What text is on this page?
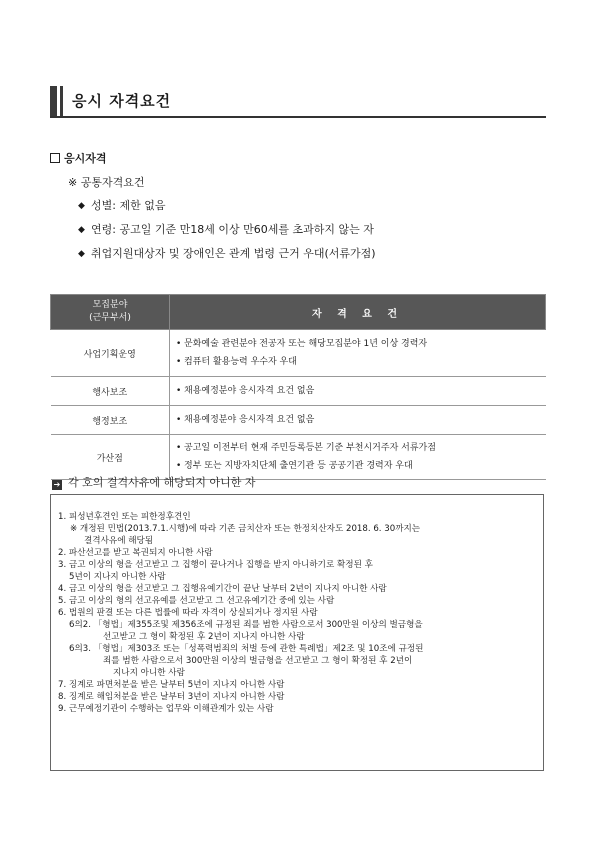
응시 자격요건
응시자격
※ 공통자격요건
◆ 성별: 제한 없음
◆ 연령: 공고일 기준 만18세 이상 만60세를 초과하지 않는 자
◆ 취업지원대상자 및 장애인은 관계 법령 근거 우대(서류가점)
모집분야
(근무부서)	자 격 요 건
사업기획운영	• 문화예술 관련분야 전공자 또는 해당모집분야 1년 이상 경력자
• 컴퓨터 활용능력 우수자 우대

행사보조	• 채용예정분야 응시자격 요건 없음

행정보조	• 채용예정분야 응시자격 요건 없음

가산점	• 공고일 이전부터 현재 주민등록등본 기준 부천시거주자 서류가점
• 정부 또는 지방자치단체 출연기관 등 공공기관 경력자 우대
➔ 각 호의 결격사유에 해당되지 아니한 자
1. 피성년후견인 또는 피한정후견인
※ 개정된 민법(2013.7.1.시행)에 따라 기존 금치산자 또는 한정치산자도 2018. 6. 30까지는
결격사유에 해당됨
2. 파산선고를 받고 복권되지 아니한 사람
3. 금고 이상의 형을 선고받고 그 집행이 끝나거나 집행을 받지 아니하기로 확정된 후
5년이 지나지 아니한 사람
4. 금고 이상의 형을 선고받고 그 집행유예기간이 끝난 날부터 2년이 지나지 아니한 사람
5. 금고 이상의 형의 선고유예를 선고받고 그 선고유예기간 중에 있는 사람
6. 법원의 판결 또는 다른 법률에 따라 자격이 상실되거나 정지된 사람
6의2. 「형법」제355조및 제356조에 규정된 죄를 범한 사람으로서 300만원 이상의 벌금형을
선고받고 그 형이 확정된 후 2년이 지나지 아니한 사람
6의3. 「형법」제303조 또는「성폭력범죄의 처벌 등에 관한 특례법」제2조 및 10조에 규정된
죄를 범한 사람으로서 300만원 이상의 벌금형을 선고받고 그 형이 확정된 후 2년이
지나지 아니한 사람
7. 징계로 파면처분을 받은 날부터 5년이 지나지 아니한 사람
8. 징계로 해임처분을 받은 날부터 3년이 지나지 아니한 사람
9. 근무예정기관이 수행하는 업무와 이해관계가 있는 사람
